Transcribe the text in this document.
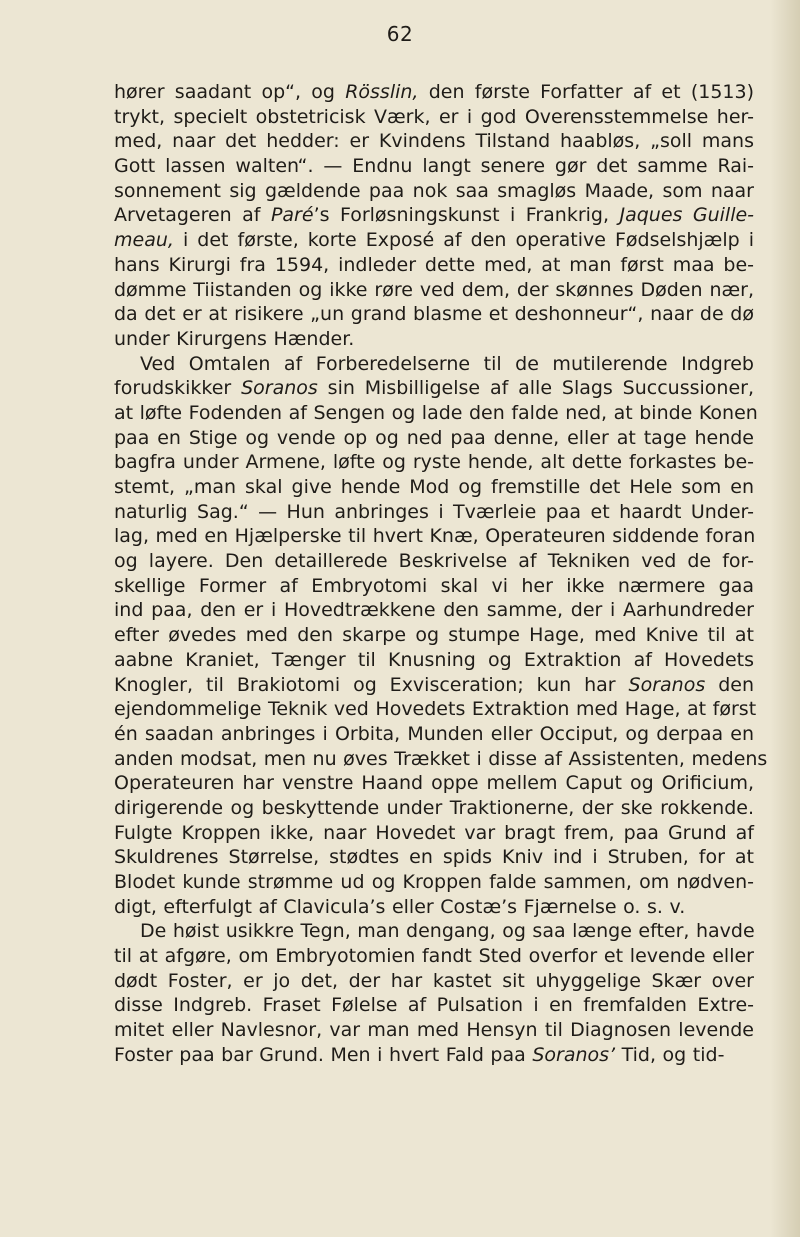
62
hører saadant op“, og Rösslin, den første Forfatter af et (1513)
trykt, specielt obstetricisk Værk, er i god Overensstemmelse her-
med, naar det hedder: er Kvindens Tilstand haabløs, „soll mans
Gott lassen walten“. — Endnu langt senere gør det samme Rai-
sonnement sig gældende paa nok saa smagløs Maade, som naar
Arvetageren af Paré’s Forløsningskunst i Frankrig, Jaques Guille-
meau, i det første, korte Exposé af den operative Fødselshjælp i
hans Kirurgi fra 1594, indleder dette med, at man først maa be-
dømme Tiistanden og ikke røre ved dem, der skønnes Døden nær,
da det er at risikere „un grand blasme et deshonneur“, naar de dø
under Kirurgens Hænder.
Ved Omtalen af Forberedelserne til de mutilerende Indgreb
forudskikker Soranos sin Misbilligelse af alle Slags Succussioner,
at løfte Fodenden af Sengen og lade den falde ned, at binde Konen
paa en Stige og vende op og ned paa denne, eller at tage hende
bagfra under Armene, løfte og ryste hende, alt dette forkastes be-
stemt, „man skal give hende Mod og fremstille det Hele som en
naturlig Sag.“ — Hun anbringes i Tværleie paa et haardt Under-
lag, med en Hjælperske til hvert Knæ, Operateuren siddende foran
og layere. Den detaillerede Beskrivelse af Tekniken ved de for-
skellige Former af Embryotomi skal vi her ikke nærmere gaa
ind paa, den er i Hovedtrækkene den samme, der i Aarhundreder
efter øvedes med den skarpe og stumpe Hage, med Knive til at
aabne Kraniet, Tænger til Knusning og Extraktion af Hovedets
Knogler, til Brakiotomi og Exvisceration; kun har Soranos den
ejendommelige Teknik ved Hovedets Extraktion med Hage, at først
én saadan anbringes i Orbita, Munden eller Occiput, og derpaa en
anden modsat, men nu øves Trækket i disse af Assistenten, medens
Operateuren har venstre Haand oppe mellem Caput og Orificium,
dirigerende og beskyttende under Traktionerne, der ske rokkende.
Fulgte Kroppen ikke, naar Hovedet var bragt frem, paa Grund af
Skuldrenes Størrelse, stødtes en spids Kniv ind i Struben, for at
Blodet kunde strømme ud og Kroppen falde sammen, om nødven-
digt, efterfulgt af Clavicula’s eller Costæ’s Fjærnelse o. s. v.
De høist usikkre Tegn, man dengang, og saa længe efter, havde
til at afgøre, om Embryotomien fandt Sted overfor et levende eller
dødt Foster, er jo det, der har kastet sit uhyggelige Skær over
disse Indgreb. Fraset Følelse af Pulsation i en fremfalden Extre-
mitet eller Navlesnor, var man med Hensyn til Diagnosen levende
Foster paa bar Grund. Men i hvert Fald paa Soranos’ Tid, og tid-
